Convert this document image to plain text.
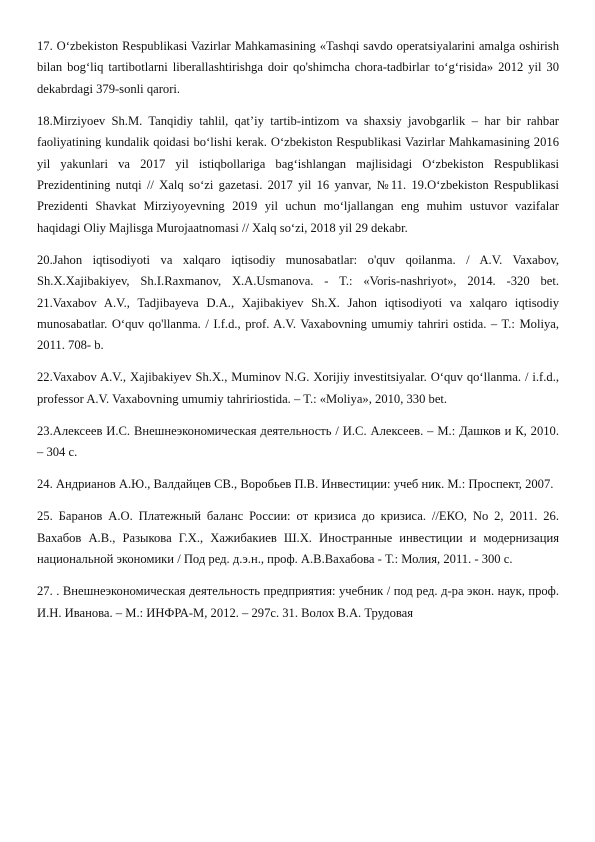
17. O‘zbekiston Respublikasi Vazirlar Mahkamasining «Tashqi savdo operatsiyalarini amalga oshirish bilan bog‘liq tartibotlarni liberallashtirishga doir qo'shimcha chora-tadbirlar to‘g‘risida» 2012 yil 30 dekabrdagi 379-sonli qarori.

18.Mirziyoev Sh.M. Tanqidiy tahlil, qat’iy tartib-intizom va shaxsiy javobgarlik – har bir rahbar faoliyatining kundalik qoidasi bo‘lishi kerak. O‘zbekiston Respublikasi Vazirlar Mahkamasining 2016 yil yakunlari va 2017 yil istiqbollariga bag‘ishlangan majlisidagi O‘zbekiston Respublikasi Prezidentining nutqi // Xalq so‘zi gazetasi. 2017 yil 16 yanvar, №11. 19.O‘zbekiston Respublikasi Prezidenti Shavkat Mirziyoyevning 2019 yil uchun mo‘ljallangan eng muhim ustuvor vazifalar haqidagi Oliy Majlisga Murojaatnomasi // Xalq so‘zi, 2018 yil 29 dekabr.

20.Jahon iqtisodiyoti va xalqaro iqtisodiy munosabatlar: o'quv qoilanma. / A.V. Vaxabov, Sh.X.Xajibakiyev, Sh.I.Raxmanov, X.A.Usmanova. - T.: «Voris-nashriyot», 2014. -320 bet. 21.Vaxabov A.V., Tadjibayeva D.A., Xajibakiyev Sh.X. Jahon iqtisodiyoti va xalqaro iqtisodiy munosabatlar. O‘quv qo'llanma. / I.f.d., prof. A.V. Vaxabovning umumiy tahriri ostida. – T.: Moliya, 2011. 708- b.

22.Vaxabov A.V., Xajibakiyev Sh.X., Muminov N.G. Xorijiy investitsiyalar. O‘quv qo‘llanma. / i.f.d., professor A.V. Vaxabovning umumiy tahririostida. – T.: «Moliya», 2010, 330 bet.

23.Алексеев И.С. Внешнеэкономическая деятельность / И.С. Алексеев. – М.: Дашков и К, 2010. – 304 с.

24. Андрианов А.Ю., Валдайцев СВ., Воробьев П.В. Инвестиции: учеб ник. М.: Проспект, 2007.

25. Баранов А.О. Платежный баланс России: от кризиса до кризиса. //ЕКО, No 2, 2011. 26. Вахабов А.В., Разыкова Г.Х., Хажибакиев Ш.Х. Иностранные инвестиции и модернизация национальной экономики / Под ред. д.э.н., проф. А.В.Вахабова - Т.: Молия, 2011. - 300 с.

27. . Внешнеэкономическая деятельность предприятия: учебник / под ред. д-ра экон. наук, проф. И.Н. Иванова. – М.: ИНФРА-М, 2012. – 297с. 31. Волох В.А. Трудовая
